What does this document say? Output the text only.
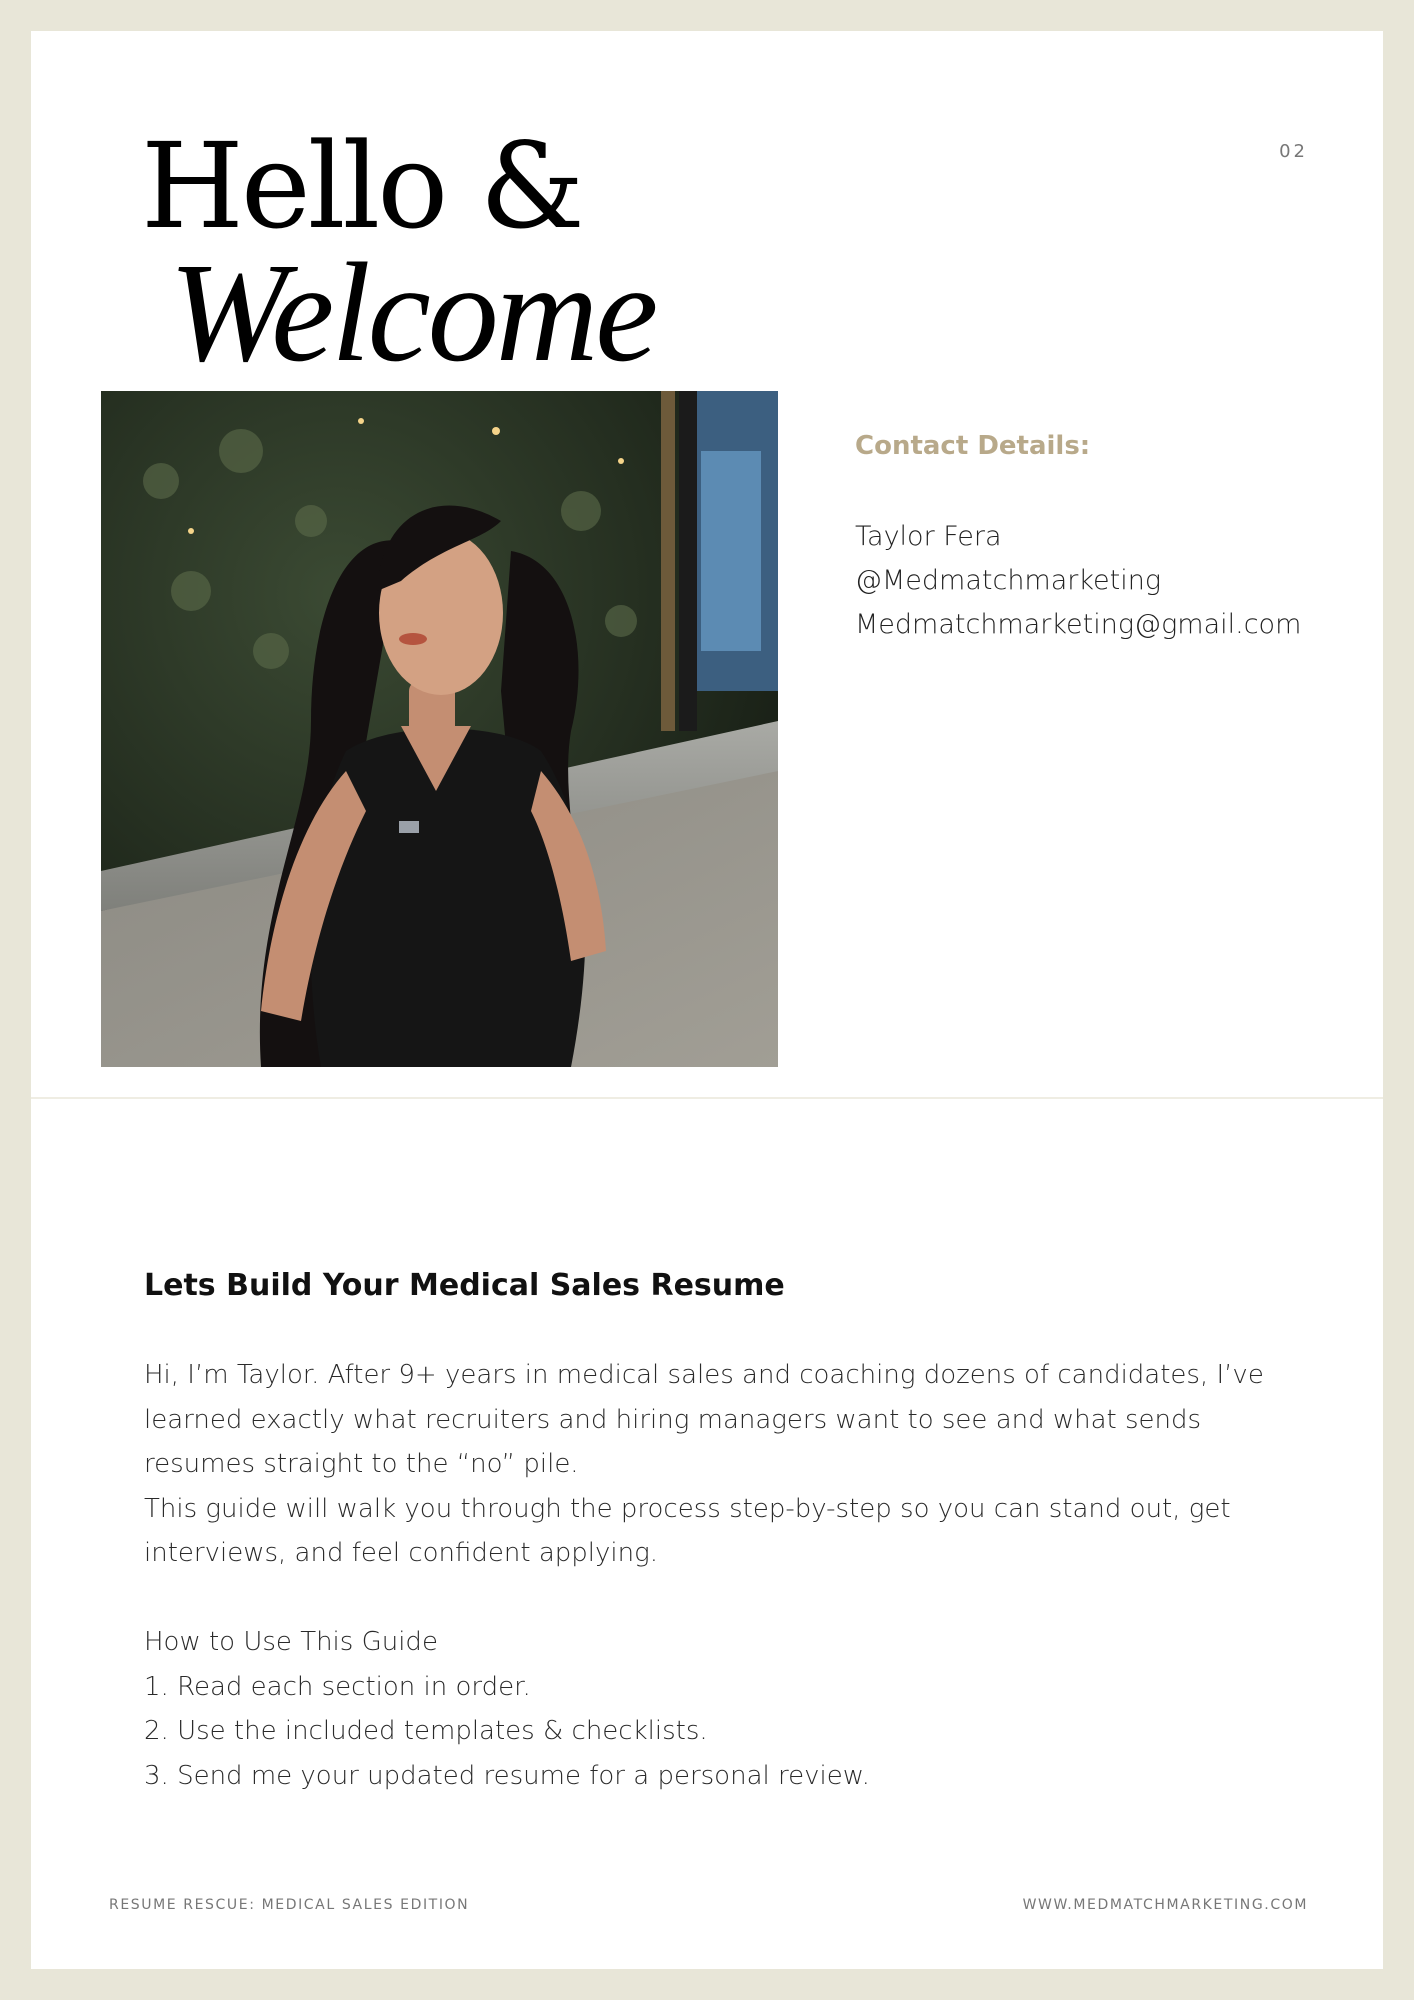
02
Hello &
Welcome
Contact Details:
Taylor Fera
@Medmatchmarketing
Medmatchmarketing@gmail.com
Lets Build Your Medical Sales Resume

Hi, I’m Taylor. After 9+ years in medical sales and coaching dozens of candidates, I’ve learned exactly what recruiters and hiring managers want to see and what sends resumes straight to the “no” pile.

This guide will walk you through the process step-by-step so you can stand out, get interviews, and feel confident applying.

How to Use This Guide

1. Read each section in order.

2. Use the included templates & checklists.

3. Send me your updated resume for a personal review.

RESUME RESCUE: MEDICAL SALES EDITION	WWW.MEDMATCHMARKETING.COM
